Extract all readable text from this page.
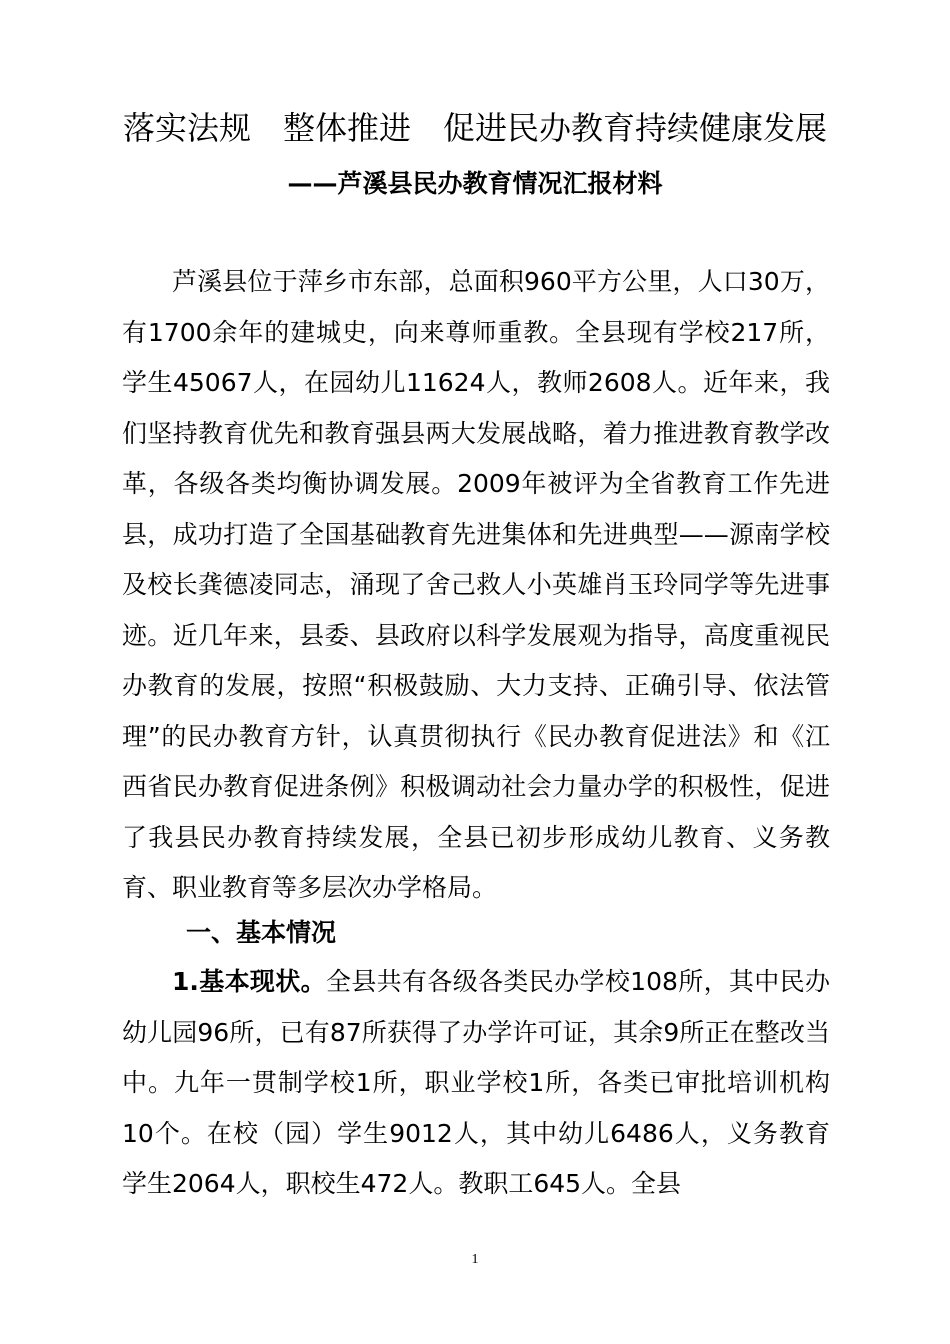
落实法规　整体推进　促进民办教育持续健康发展
——芦溪县民办教育情况汇报材料

芦溪县位于萍乡市东部，总面积960平方公里，人口30万，有1700余年的建城史，向来尊师重教。全县现有学校217所，学生45067人，在园幼儿11624人，教师2608人。近年来，我们坚持教育优先和教育强县两大发展战略，着力推进教育教学改革，各级各类均衡协调发展。2009年被评为全省教育工作先进县，成功打造了全国基础教育先进集体和先进典型——源南学校及校长龚德凌同志，涌现了舍己救人小英雄肖玉玲同学等先进事迹。近几年来，县委、县政府以科学发展观为指导，高度重视民办教育的发展，按照“积极鼓励、大力支持、正确引导、依法管理”的民办教育方针，认真贯彻执行《民办教育促进法》和《江西省民办教育促进条例》积极调动社会力量办学的积极性，促进了我县民办教育持续发展，全县已初步形成幼儿教育、义务教育、职业教育等多层次办学格局。

一、基本情况

1.基本现状。全县共有各级各类民办学校108所，其中民办幼儿园96所，已有87所获得了办学许可证，其余9所正在整改当中。九年一贯制学校1所，职业学校1所，各类已审批培训机构10个。在校（园）学生9012人，其中幼儿6486人，义务教育学生2064人，职校生472人。教职工645人。全县

1
